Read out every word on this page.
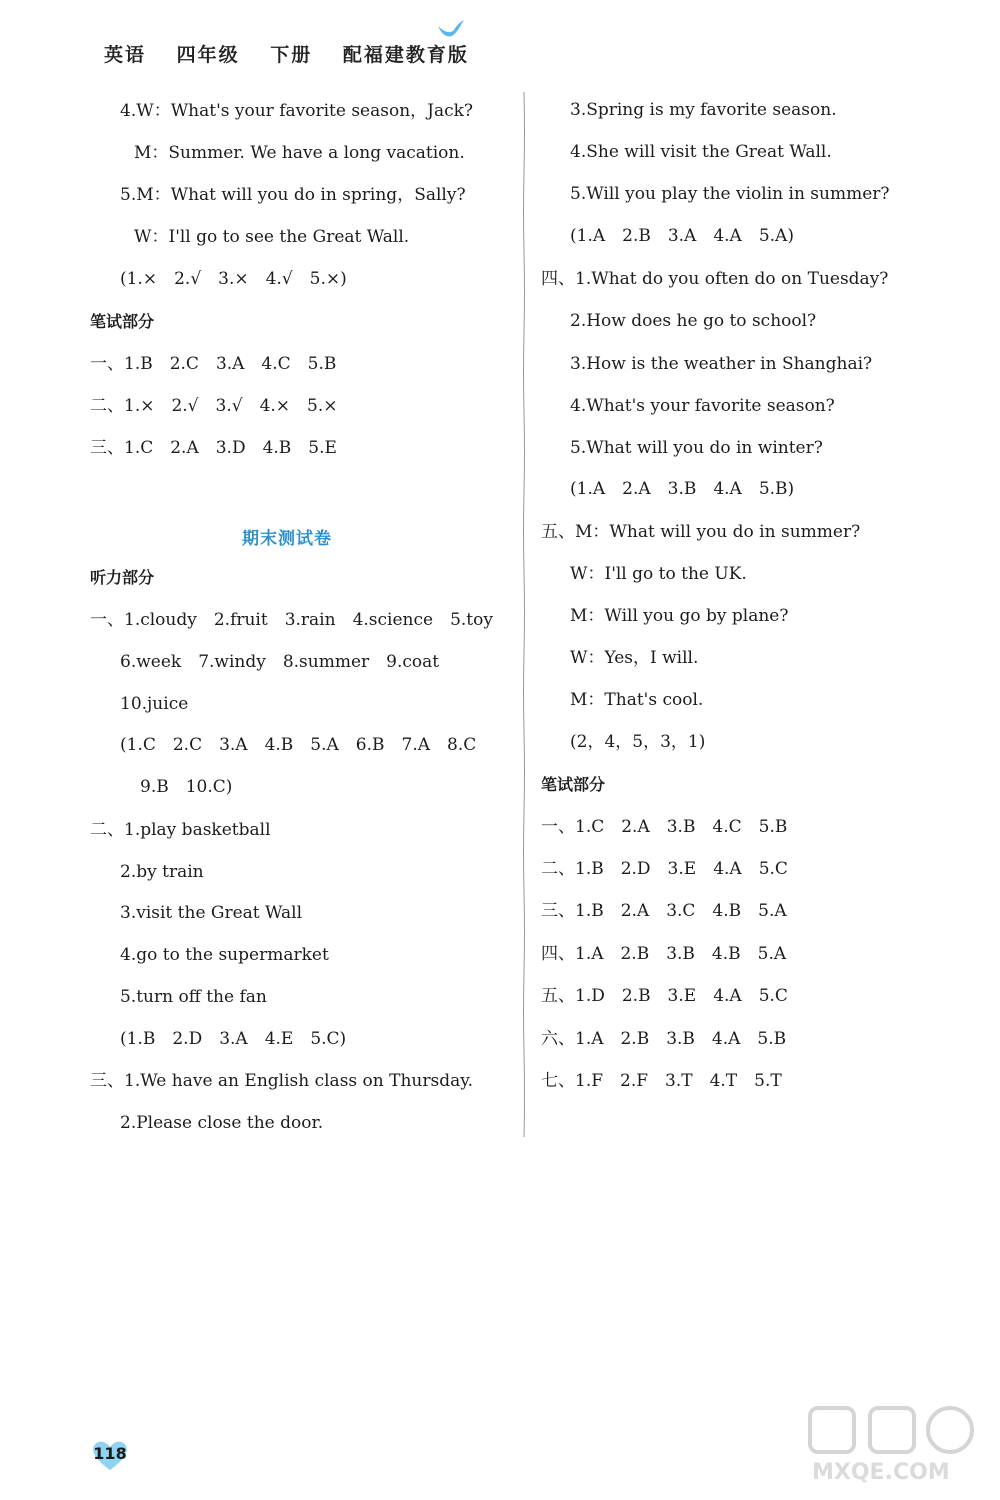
英语 四年级 下册 配福建教育版
4.W：What's your favorite season，Jack?
M：Summer. We have a long vacation.
5.M：What will you do in spring，Sally?
W：I'll go to see the Great Wall.
(1.×　2.√　3.×　4.√　5.×)
笔试部分
一、1.B　2.C　3.A　4.C　5.B
二、1.×　2.√　3.√　4.×　5.×
三、1.C　2.A　3.D　4.B　5.E
听力部分
一、1.cloudy　2.fruit　3.rain　4.science　5.toy
6.week　7.windy　8.summer　9.coat
10.juice
(1.C　2.C　3.A　4.B　5.A　6.B　7.A　8.C
9.B　10.C)
二、1.play basketball
2.by train
3.visit the Great Wall
4.go to the supermarket
5.turn off the fan
(1.B　2.D　3.A　4.E　5.C)
三、1.We have an English class on Thursday.
2.Please close the door.
期末测试卷
3.Spring is my favorite season.
4.She will visit the Great Wall.
5.Will you play the violin in summer?
(1.A　2.B　3.A　4.A　5.A)
四、1.What do you often do on Tuesday?
2.How does he go to school?
3.How is the weather in Shanghai?
4.What's your favorite season?
5.What will you do in winter?
(1.A　2.A　3.B　4.A　5.B)
五、M：What will you do in summer?
W：I'll go to the UK.
M：Will you go by plane?
W：Yes，I will.
M：That's cool.
(2，4，5，3，1)
笔试部分
一、1.C　2.A　3.B　4.C　5.B
二、1.B　2.D　3.E　4.A　5.C
三、1.B　2.A　3.C　4.B　5.A
四、1.A　2.B　3.B　4.B　5.A
五、1.D　2.B　3.E　4.A　5.C
六、1.A　2.B　3.B　4.A　5.B
七、1.F　2.F　3.T　4.T　5.T
118
MXQE.COM
